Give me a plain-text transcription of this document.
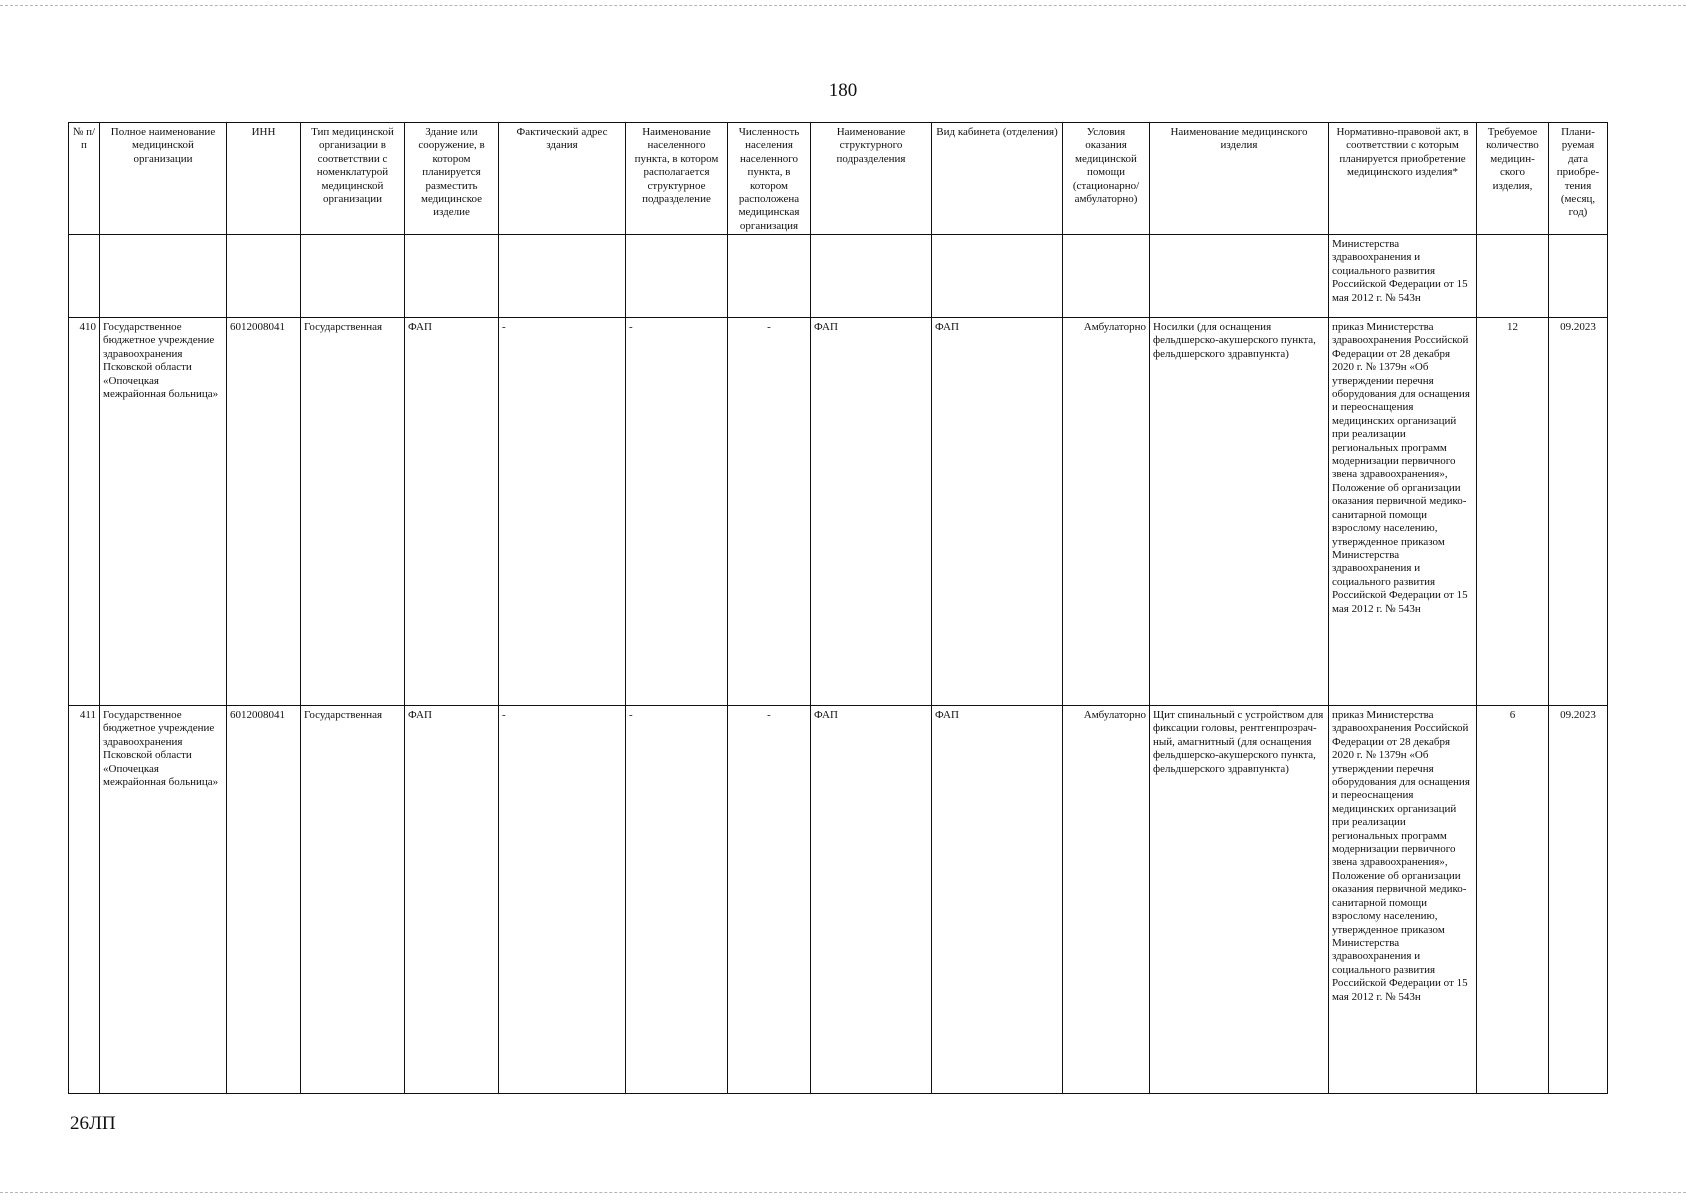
180
№ п/п	Полное наименование медицинской организации	ИНН	Тип медицинской организации в соответствии с номенклатурой медицинской организации	Здание или сооружение, в котором планируется разместить медицинское изделие	Фактический адрес здания	Наименование населенного пункта, в котором располагается структурное подразделение	Численность населения населенного пункта, в котором расположена медицинская организация	Наименование структурного подразделения	Вид кабинета (отделения)	Условия оказания медицинской помощи (стационарно/ амбулаторно)	Наименование медицинского изделия	Нормативно-правовой акт, в соответствии с которым планируется приобретение медицинского изделия*	Требуемое количество медицин-ского изделия,	Плани-руемая дата приобре-тения (месяц, год)
												Министерства здравоохранения и социального развития Российской Федерации от 15 мая 2012 г. № 543н		
410	Государственное бюджетное учреждение здравоохранения Псковской области «Опочецкая межрайонная больница»	6012008041	Государственная	ФАП	-	-	-	ФАП	ФАП	Амбулаторно	Носилки (для оснащения фельдшерско-акушерского пункта, фельдшерского здравпункта)	приказ Министерства здравоохранения Российской Федерации от 28 декабря 2020 г. № 1379н «Об утверждении перечня оборудования для оснащения и переоснащения медицинских организаций при реализации региональных программ модернизации первичного звена здравоохранения», Положение об организации оказания первичной медико-санитарной помощи взрослому населению, утвержденное приказом Министерства здравоохранения и социального развития Российской Федерации от 15 мая 2012 г. № 543н	12	09.2023
411	Государственное бюджетное учреждение здравоохранения Псковской области «Опочецкая межрайонная больница»	6012008041	Государственная	ФАП	-	-	-	ФАП	ФАП	Амбулаторно	Щит спинальный с устройством для фиксации головы, рентгенпрозрач-ный, амагнитный (для оснащения фельдшерско-акушерского пункта, фельдшерского здравпункта)	приказ Министерства здравоохранения Российской Федерации от 28 декабря 2020 г. № 1379н «Об утверждении перечня оборудования для оснащения и переоснащения медицинских организаций при реализации региональных программ модернизации первичного звена здравоохранения», Положение об организации оказания первичной медико-санитарной помощи взрослому населению, утвержденное приказом Министерства здравоохранения и социального развития Российской Федерации от 15 мая 2012 г. № 543н	6	09.2023
26ЛП
